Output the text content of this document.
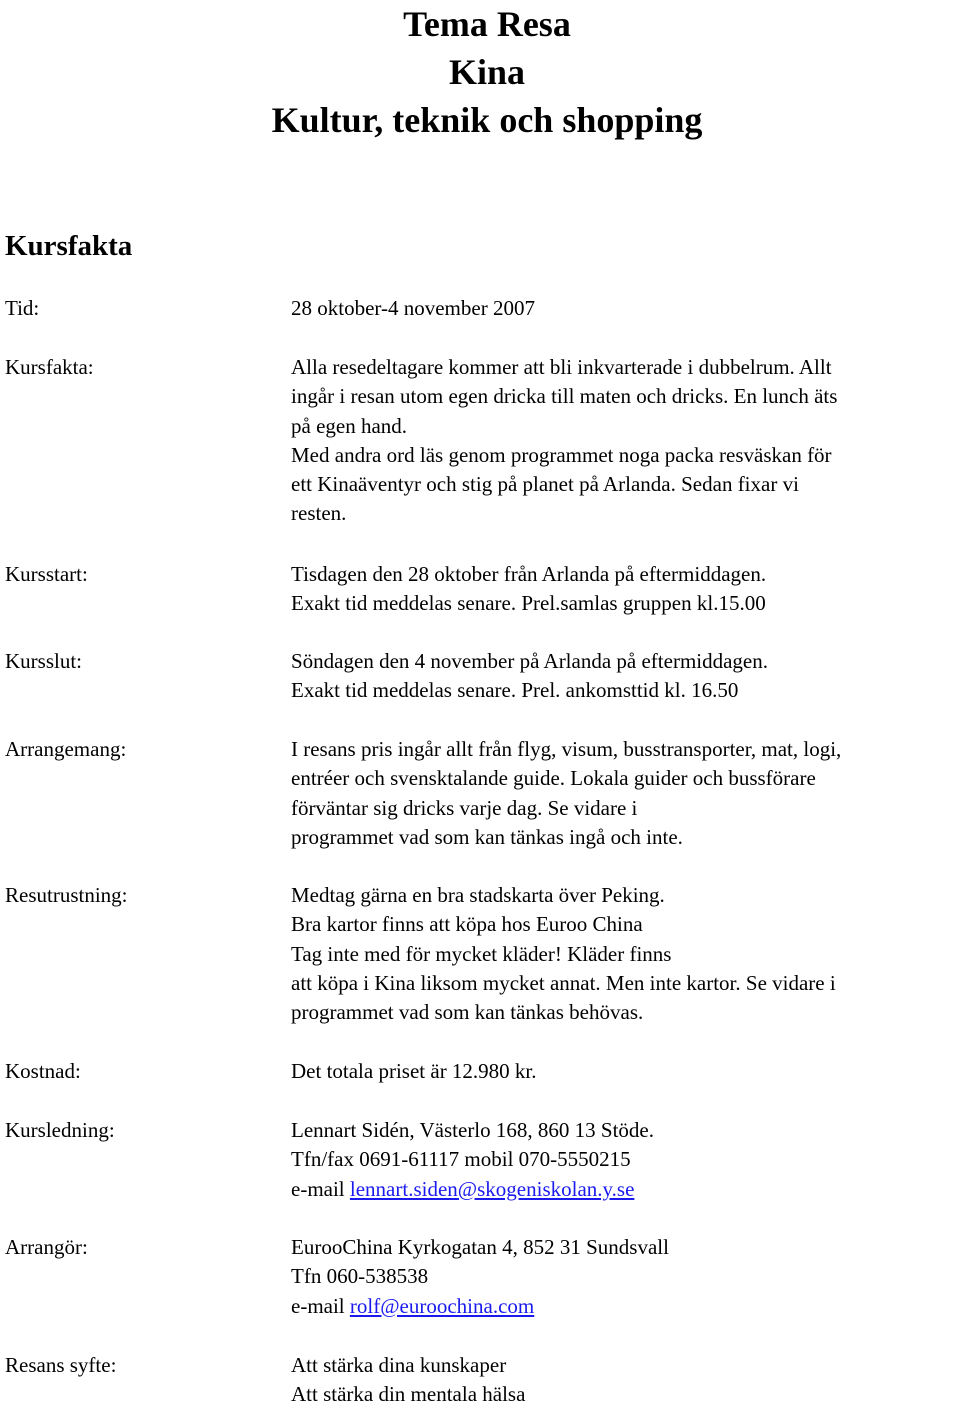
Tema Resa
Kina
Kultur, teknik och shopping
Kursfakta
Tid:	28 oktober-4 november 2007
Kursfakta:	Alla resedeltagare kommer att bli inkvarterade i dubbelrum. Allt
ingår i resan utom egen dricka till maten och dricks. En lunch äts
på egen hand.
Med andra ord läs genom programmet noga packa resväskan för
ett Kinaäventyr och stig på planet på Arlanda. Sedan fixar vi
resten.
Kursstart:	Tisdagen den 28 oktober från Arlanda på eftermiddagen.
Exakt tid meddelas senare. Prel.samlas gruppen kl.15.00
Kursslut:	Söndagen den 4 november på Arlanda på eftermiddagen.
Exakt tid meddelas senare. Prel. ankomsttid kl. 16.50
Arrangemang:	I resans pris ingår allt från flyg, visum, busstransporter, mat, logi,
entréer och svensktalande guide. Lokala guider och bussförare
förväntar sig dricks varje dag. Se vidare i
programmet vad som kan tänkas ingå och inte.
Resutrustning:	Medtag gärna en bra stadskarta över Peking.
Bra kartor finns att köpa hos Euroo China
Tag inte med för mycket kläder! Kläder finns
att köpa i Kina liksom mycket annat. Men inte kartor. Se vidare i
programmet vad som kan tänkas behövas.
Kostnad:	Det totala priset är 12.980 kr.
Kursledning:	Lennart Sidén, Västerlo 168, 860 13 Stöde.
Tfn/fax 0691-61117 mobil 070-5550215
e-mail lennart.siden@skogeniskolan.y.se
Arrangör:	EurooChina Kyrkogatan 4, 852 31 Sundsvall
Tfn 060-538538
e-mail rolf@euroochina.com
Resans syfte:	Att stärka dina kunskaper
Att stärka din mentala hälsa
